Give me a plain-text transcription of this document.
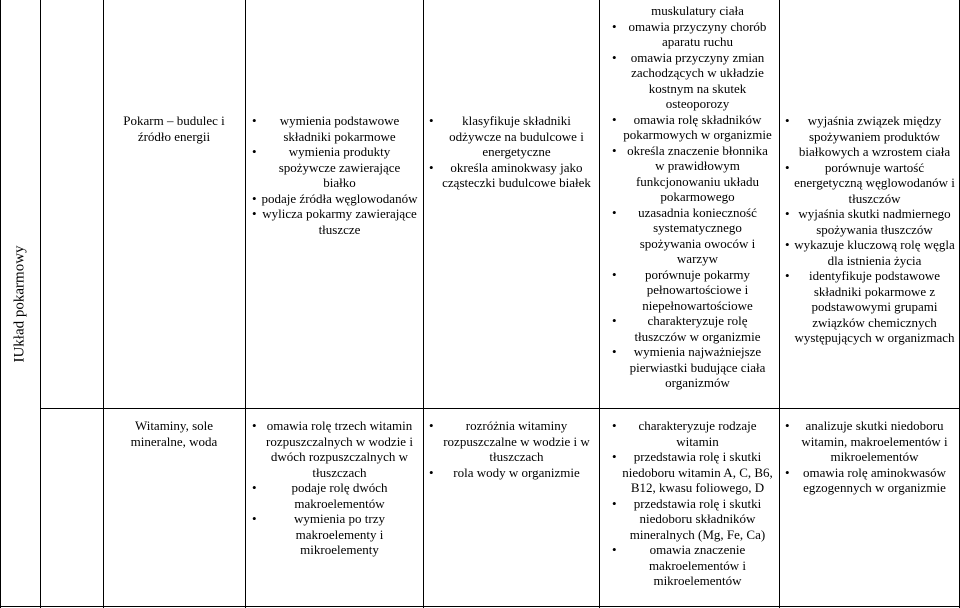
IUkład pokarmowy
Pokarm – budulec i źródło energii
• wymienia podstawowe składniki pokarmowe
• wymienia produkty spożywcze zawierające białko
• podaje źródła węglowodanów
• wylicza pokarmy zawierające tłuszcze
• klasyfikuje składniki odżywcze na budulcowe i energetyczne
• określa aminokwasy jako cząsteczki budulcowe białek
muskulatury ciała
• omawia przyczyny chorób aparatu ruchu
• omawia przyczyny zmian zachodzących w układzie kostnym na skutek osteoporozy
• omawia rolę składników pokarmowych w organizmie
• określa znaczenie błonnika w prawidłowym funkcjonowaniu układu pokarmowego
• uzasadnia konieczność systematycznego spożywania owoców i warzyw
• porównuje pokarmy pełnowartościowe i niepełnowartościowe
• charakteryzuje rolę tłuszczów w organizmie
• wymienia najważniejsze pierwiastki budujące ciała organizmów
• wyjaśnia związek między spożywaniem produktów białkowych a wzrostem ciała
• porównuje wartość energetyczną węglowodanów i tłuszczów
• wyjaśnia skutki nadmiernego spożywania tłuszczów
• wykazuje kluczową rolę węgla dla istnienia życia
• identyfikuje podstawowe składniki pokarmowe z podstawowymi grupami związków chemicznych występujących w organizmach
Witaminy, sole mineralne, woda
• omawia rolę trzech witamin rozpuszczalnych w wodzie i dwóch rozpuszczalnych w tłuszczach
• podaje rolę dwóch makroelementów
• wymienia po trzy makroelementy i mikroelementy
• rozróżnia witaminy rozpuszczalne w wodzie i w tłuszczach
• rola wody w organizmie
• charakteryzuje rodzaje witamin
• przedstawia rolę i skutki niedoboru witamin A, C, B6, B12, kwasu foliowego, D
• przedstawia rolę i skutki niedoboru składników mineralnych (Mg, Fe, Ca)
• omawia znaczenie makroelementów i mikroelementów
• analizuje skutki niedoboru witamin, makroelementów i mikroelementów
• omawia rolę aminokwasów egzogennych w organizmie
